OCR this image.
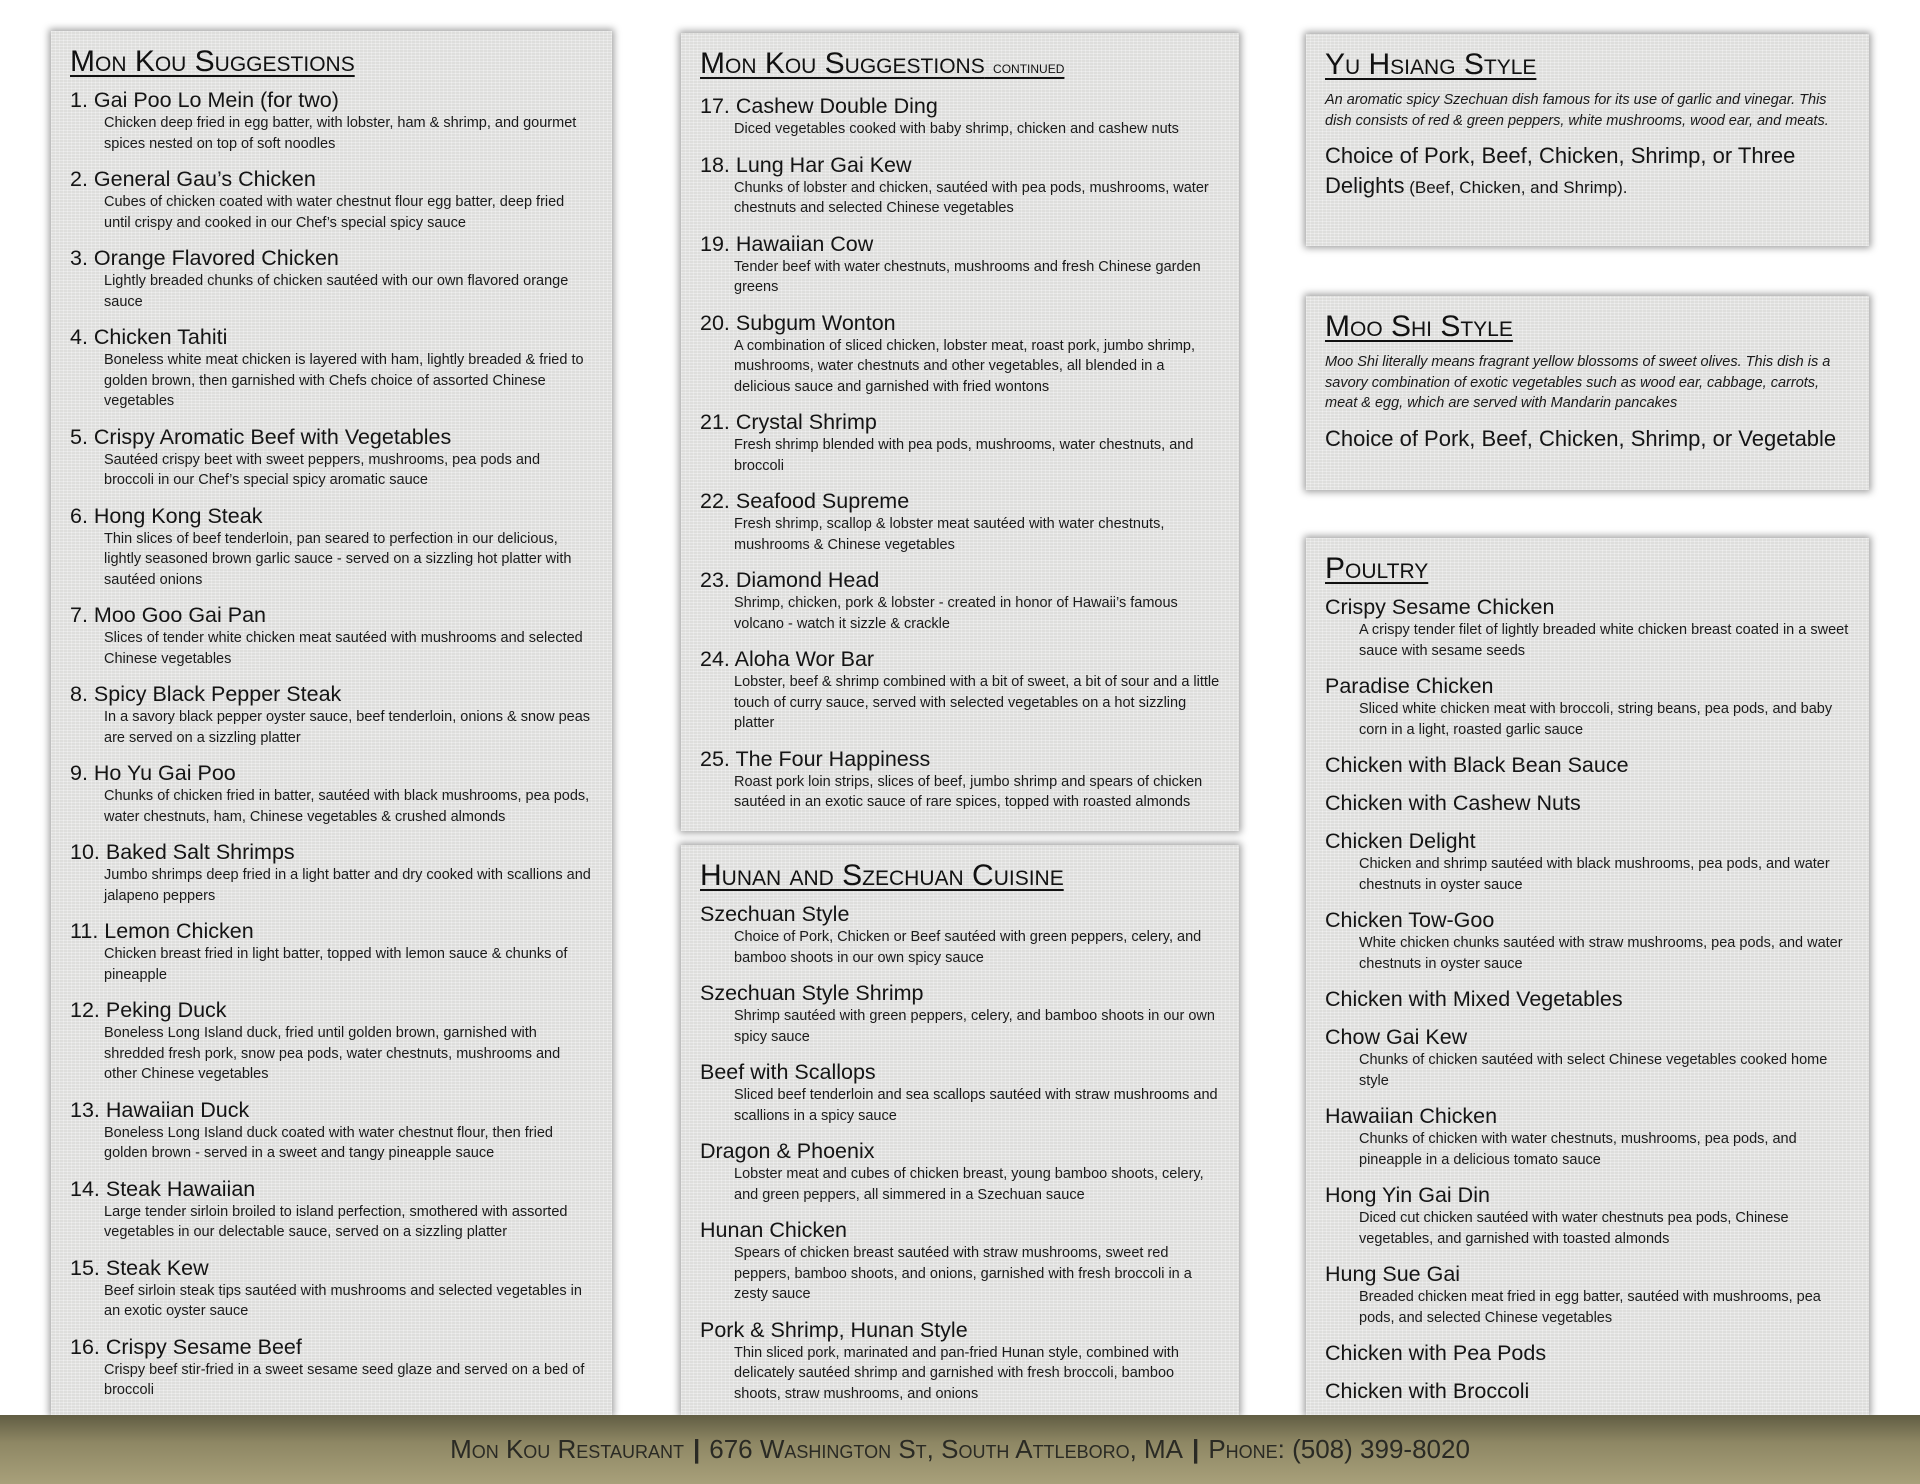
Mon Kou Suggestions
1. Gai Poo Lo Mein (for two)
Chicken deep fried in egg batter, with lobster, ham & shrimp, and gourmet spices nested on top of soft noodles
2. General Gau’s Chicken
Cubes of chicken coated with water chestnut flour egg batter, deep fried until crispy and cooked in our Chef’s special spicy sauce
3. Orange Flavored Chicken
Lightly breaded chunks of chicken sautéed with our own flavored orange sauce
4. Chicken Tahiti
Boneless white meat chicken is layered with ham, lightly breaded & fried to golden brown, then garnished with Chefs choice of assorted Chinese vegetables
5. Crispy Aromatic Beef with Vegetables
Sautéed crispy beet with sweet peppers, mushrooms, pea pods and broccoli in our Chef’s special spicy aromatic sauce
6. Hong Kong Steak
Thin slices of beef tenderloin, pan seared to perfection in our delicious, lightly seasoned brown garlic sauce - served on a sizzling hot platter with sautéed onions
7. Moo Goo Gai Pan
Slices of tender white chicken meat sautéed with mushrooms and selected Chinese vegetables
8. Spicy Black Pepper Steak
In a savory black pepper oyster sauce, beef tenderloin, onions & snow peas are served on a sizzling platter
9. Ho Yu Gai Poo
Chunks of chicken fried in batter, sautéed with black mushrooms, pea pods, water chestnuts, ham, Chinese vegetables & crushed almonds
10. Baked Salt Shrimps
Jumbo shrimps deep fried in a light batter and dry cooked with scallions and jalapeno peppers
11. Lemon Chicken
Chicken breast fried in light batter, topped with lemon sauce & chunks of pineapple
12. Peking Duck
Boneless Long Island duck, fried until golden brown, garnished with shredded fresh pork, snow pea pods, water chestnuts, mushrooms and other Chinese vegetables
13. Hawaiian Duck
Boneless Long Island duck coated with water chestnut flour, then fried golden brown - served in a sweet and tangy pineapple sauce
14. Steak Hawaiian
Large tender sirloin broiled to island perfection, smothered with assorted vegetables in our delectable sauce, served on a sizzling platter
15. Steak Kew
Beef sirloin steak tips sautéed with mushrooms and selected vegetables in an exotic oyster sauce
16. Crispy Sesame Beef
Crispy beef stir-fried in a sweet sesame seed glaze and served on a bed of broccoli
Mon Kou Suggestions continued
17. Cashew Double Ding
Diced vegetables cooked with baby shrimp, chicken and cashew nuts
18. Lung Har Gai Kew
Chunks of lobster and chicken, sautéed with pea pods, mushrooms, water chestnuts and selected Chinese vegetables
19. Hawaiian Cow
Tender beef with water chestnuts, mushrooms and fresh Chinese garden greens
20. Subgum Wonton
A combination of sliced chicken, lobster meat, roast pork, jumbo shrimp, mushrooms, water chestnuts and other vegetables, all blended in a delicious sauce and garnished with fried wontons
21. Crystal Shrimp
Fresh shrimp blended with pea pods, mushrooms, water chestnuts, and broccoli
22. Seafood Supreme
Fresh shrimp, scallop & lobster meat sautéed with water chestnuts, mushrooms & Chinese vegetables
23. Diamond Head
Shrimp, chicken, pork & lobster - created in honor of Hawaii’s famous volcano - watch it sizzle & crackle
24. Aloha Wor Bar
Lobster, beef & shrimp combined with a bit of sweet, a bit of sour and a little touch of curry sauce, served with selected vegetables on a hot sizzling platter
25. The Four Happiness
Roast pork loin strips, slices of beef, jumbo shrimp and spears of chicken sautéed in an exotic sauce of rare spices, topped with roasted almonds
Hunan and Szechuan Cuisine
Szechuan Style
Choice of Pork, Chicken or Beef sautéed with green peppers, celery, and bamboo shoots in our own spicy sauce
Szechuan Style Shrimp
Shrimp sautéed with green peppers, celery, and bamboo shoots in our own spicy sauce
Beef with Scallops
Sliced beef tenderloin and sea scallops sautéed with straw mushrooms and scallions in a spicy sauce
Dragon & Phoenix
Lobster meat and cubes of chicken breast, young bamboo shoots, celery, and green peppers, all simmered in a Szechuan sauce
Hunan Chicken
Spears of chicken breast sautéed with straw mushrooms, sweet red peppers, bamboo shoots, and onions, garnished with fresh broccoli in a zesty sauce
Pork & Shrimp, Hunan Style
Thin sliced pork, marinated and pan-fried Hunan style, combined with delicately sautéed shrimp and garnished with fresh broccoli, bamboo shoots, straw mushrooms, and onions
Yu Hsiang Style
An aromatic spicy Szechuan dish famous for its use of garlic and vinegar. This dish consists of red & green peppers, white mushrooms, wood ear, and meats.
Choice of Pork, Beef, Chicken, Shrimp, or Three Delights (Beef, Chicken, and Shrimp).
Moo Shi Style
Moo Shi literally means fragrant yellow blossoms of sweet olives. This dish is a savory combination of exotic vegetables such as wood ear, cabbage, carrots, meat & egg, which are served with Mandarin pancakes
Choice of Pork, Beef, Chicken, Shrimp, or Vegetable
Poultry
Crispy Sesame Chicken
A crispy tender filet of lightly breaded white chicken breast coated in a sweet sauce with sesame seeds
Paradise Chicken
Sliced white chicken meat with broccoli, string beans, pea pods, and baby corn in a light, roasted garlic sauce
Chicken with Black Bean Sauce
Chicken with Cashew Nuts
Chicken Delight
Chicken and shrimp sautéed with black mushrooms, pea pods, and water chestnuts in oyster sauce
Chicken Tow-Goo
White chicken chunks sautéed with straw mushrooms, pea pods, and water chestnuts in oyster sauce
Chicken with Mixed Vegetables
Chow Gai Kew
Chunks of chicken sautéed with select Chinese vegetables cooked home style
Hawaiian Chicken
Chunks of chicken with water chestnuts, mushrooms, pea pods, and pineapple in a delicious tomato sauce
Hong Yin Gai Din
Diced cut chicken sautéed with water chestnuts pea pods, Chinese vegetables, and garnished with toasted almonds
Hung Sue Gai
Breaded chicken meat fried in egg batter, sautéed with mushrooms, pea pods, and selected Chinese vegetables
Chicken with Pea Pods
Chicken with Broccoli
Mon Kou Restaurant | 676 Washington St, South Attleboro, MA | Phone: (508) 399-8020
